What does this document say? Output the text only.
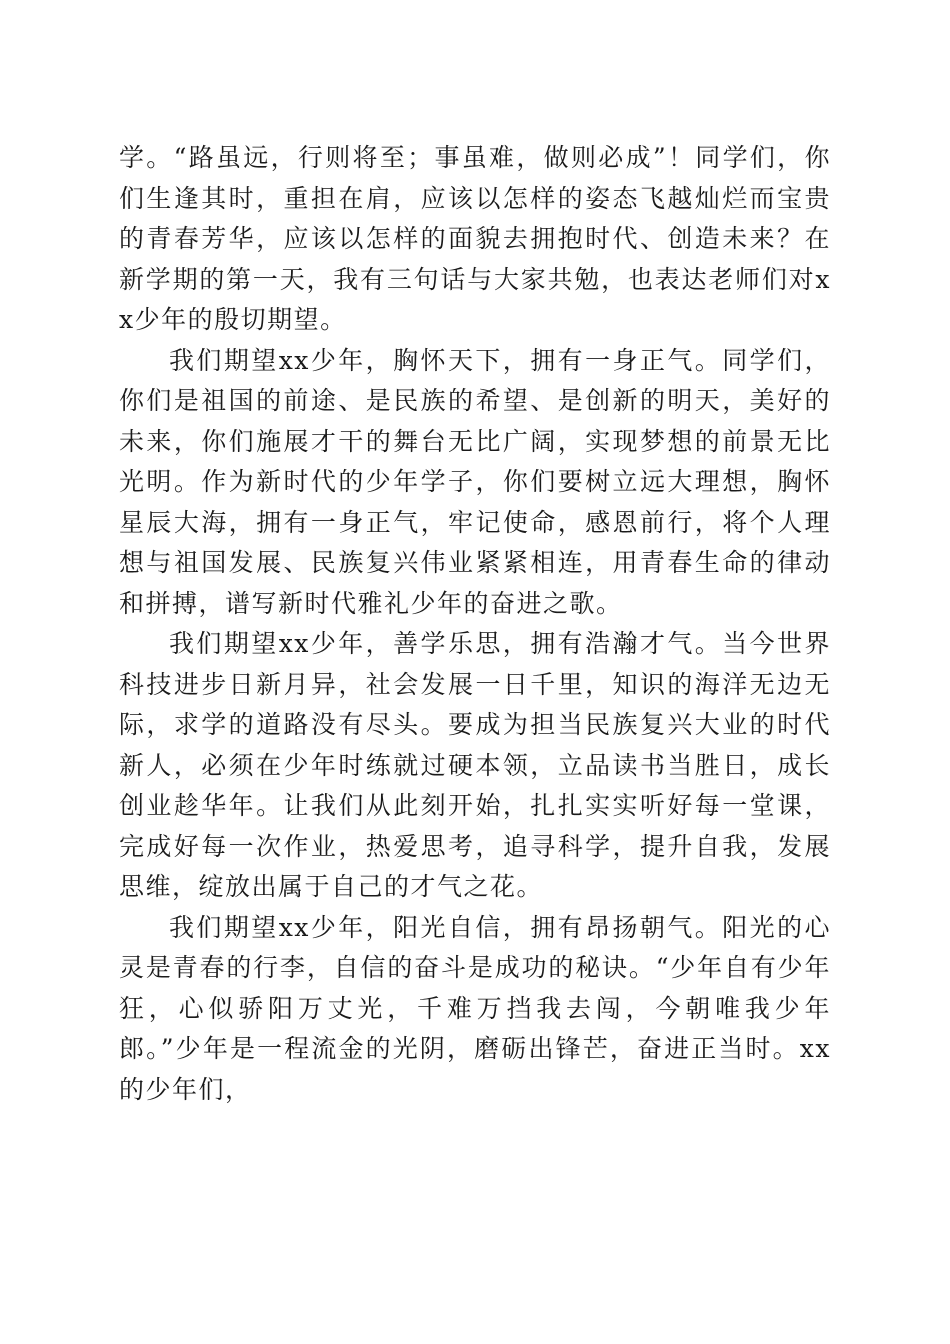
学。“路虽远，行则将至；事虽难，做则必成”！同学们，你们生逢其时，重担在肩，应该以怎样的姿态飞越灿烂而宝贵的青春芳华，应该以怎样的面貌去拥抱时代、创造未来？在新学期的第一天，我有三句话与大家共勉，也表达老师们对xx少年的殷切期望。

我们期望xx少年，胸怀天下，拥有一身正气。同学们，你们是祖国的前途、是民族的希望、是创新的明天，美好的未来，你们施展才干的舞台无比广阔，实现梦想的前景无比光明。作为新时代的少年学子，你们要树立远大理想，胸怀星辰大海，拥有一身正气，牢记使命，感恩前行，将个人理想与祖国发展、民族复兴伟业紧紧相连，用青春生命的律动和拼搏，谱写新时代雅礼少年的奋进之歌。

我们期望xx少年，善学乐思，拥有浩瀚才气。当今世界科技进步日新月异，社会发展一日千里，知识的海洋无边无际，求学的道路没有尽头。要成为担当民族复兴大业的时代新人，必须在少年时练就过硬本领，立品读书当胜日，成长创业趁华年。让我们从此刻开始，扎扎实实听好每一堂课，完成好每一次作业，热爱思考，追寻科学，提升自我，发展思维，绽放出属于自己的才气之花。

我们期望xx少年，阳光自信，拥有昂扬朝气。阳光的心灵是青春的行李，自信的奋斗是成功的秘诀。“少年自有少年狂，心似骄阳万丈光，千难万挡我去闯，今朝唯我少年郎。”少年是一程流金的光阴，磨砺出锋芒，奋进正当时。xx的少年们，
